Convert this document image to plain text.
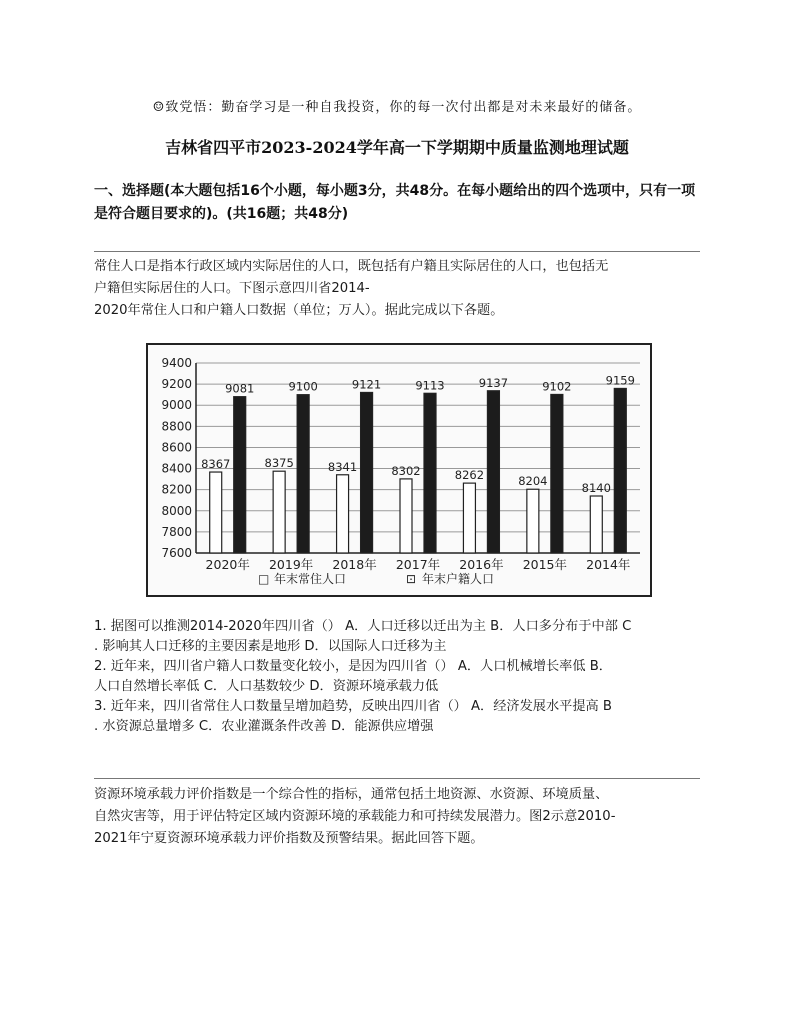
☺致党悟：勤奋学习是一种自我投资，你的每一次付出都是对未来最好的储备。
吉林省四平市2023-2024学年高一下学期期中质量监测地理试题
一、选择题(本大题包括16个小题，每小题3分，共48分。在每小题给出的四个选项中，只有一项是符合题目要求的)。(共16题；共48分)

常住人口是指本行政区域内实际居住的人口，既包括有户籍且实际居住的人口，也包括无

户籍但实际居住的人口。下图示意四川省2014-

2020年常住人口和户籍人口数据（单位；万人）。据此完成以下各题。

9400
9200
9000
8800
8600
8400
8200
8000
7800
7600
8367
9081
2020年
8375
9100
2019年
8341
9121
2018年
8302
9113
2017年
8262
9137
2016年
8204
9102
2015年
8140
9159
2014年
□ 年末常住人口	⊡ 年末户籍人口

1. 据图可以推测2014-2020年四川省（） A．人口迁移以迁出为主 B．人口多分布于中部 C

. 影响其人口迁移的主要因素是地形 D．以国际人口迁移为主

2. 近年来，四川省户籍人口数量变化较小，是因为四川省（） A．人口机械增长率低 B．

人口自然增长率低 C．人口基数较少 D．资源环境承载力低

3. 近年来，四川省常住人口数量呈增加趋势，反映出四川省（） A．经济发展水平提高 B

. 水资源总量增多 C．农业灌溉条件改善 D．能源供应增强

资源环境承载力评价指数是一个综合性的指标，通常包括土地资源、水资源、环境质量、

自然灾害等，用于评估特定区域内资源环境的承载能力和可持续发展潜力。图2示意2010-

2021年宁夏资源环境承载力评价指数及预警结果。据此回答下题。
